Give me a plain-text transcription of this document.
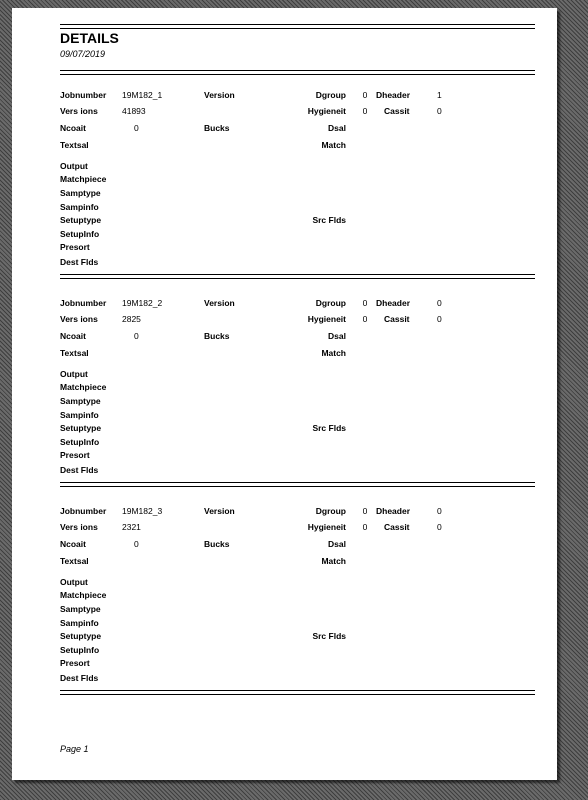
DETAILS
09/07/2019
Jobnumber 19M182_1	Version	Dgroup	0	Dheader	1
Vers ions	41893	Hygieneit	0	Cassit	0
Ncoait	0	Bucks	Dsal
Textsal	Match
Output
Matchpiece
Samptype
Sampinfo
Setuptype	Src Flds
SetupInfo
Presort
Dest Flds
Jobnumber 19M182_2	Version	Dgroup	0	Dheader	0
Vers ions	2825	Hygieneit	0	Cassit	0
Ncoait	0	Bucks	Dsal
Textsal	Match
Output
Matchpiece
Samptype
Sampinfo
Setuptype	Src Flds
SetupInfo
Presort
Dest Flds
Jobnumber 19M182_3	Version	Dgroup	0	Dheader	0
Vers ions	2321	Hygieneit	0	Cassit	0
Ncoait	0	Bucks	Dsal
Textsal	Match
Output
Matchpiece
Samptype
Sampinfo
Setuptype	Src Flds
SetupInfo
Presort
Dest Flds
Page 1
